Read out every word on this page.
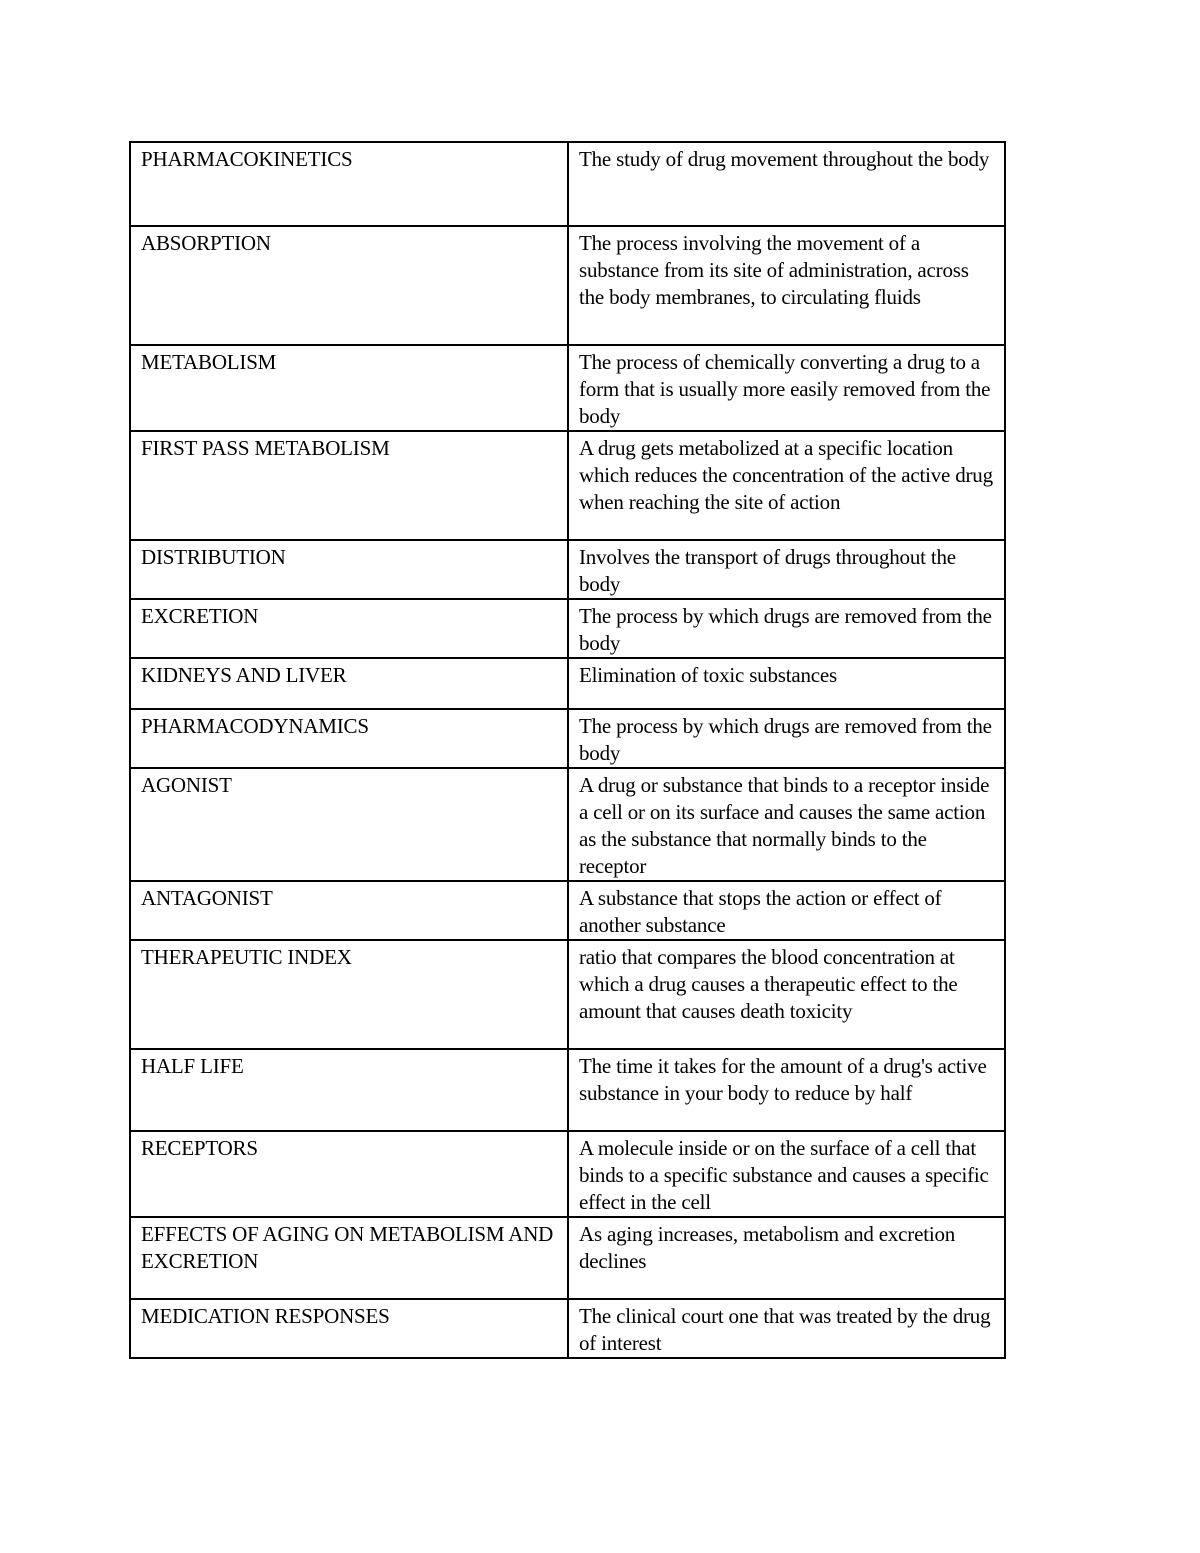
PHARMACOKINETICS	The study of drug movement throughout the body
ABSORPTION	The process involving the movement of a substance from its site of administration, across the body membranes, to circulating fluids
METABOLISM	The process of chemically converting a drug to a form that is usually more easily removed from the body
FIRST PASS METABOLISM	A drug gets metabolized at a specific location which reduces the concentration of the active drug when reaching the site of action
DISTRIBUTION	Involves the transport of drugs throughout the body
EXCRETION	The process by which drugs are removed from the body
KIDNEYS AND LIVER	Elimination of toxic substances
PHARMACODYNAMICS	The process by which drugs are removed from the body
AGONIST	A drug or substance that binds to a receptor inside a cell or on its surface and causes the same action as the substance that normally binds to the receptor
ANTAGONIST	A substance that stops the action or effect of another substance
THERAPEUTIC INDEX	ratio that compares the blood concentration at which a drug causes a therapeutic effect to the amount that causes death toxicity
HALF LIFE	The time it takes for the amount of a drug's active substance in your body to reduce by half
RECEPTORS	A molecule inside or on the surface of a cell that binds to a specific substance and causes a specific effect in the cell
EFFECTS OF AGING ON METABOLISM AND EXCRETION	As aging increases, metabolism and excretion declines
MEDICATION RESPONSES	The clinical court one that was treated by the drug of interest
